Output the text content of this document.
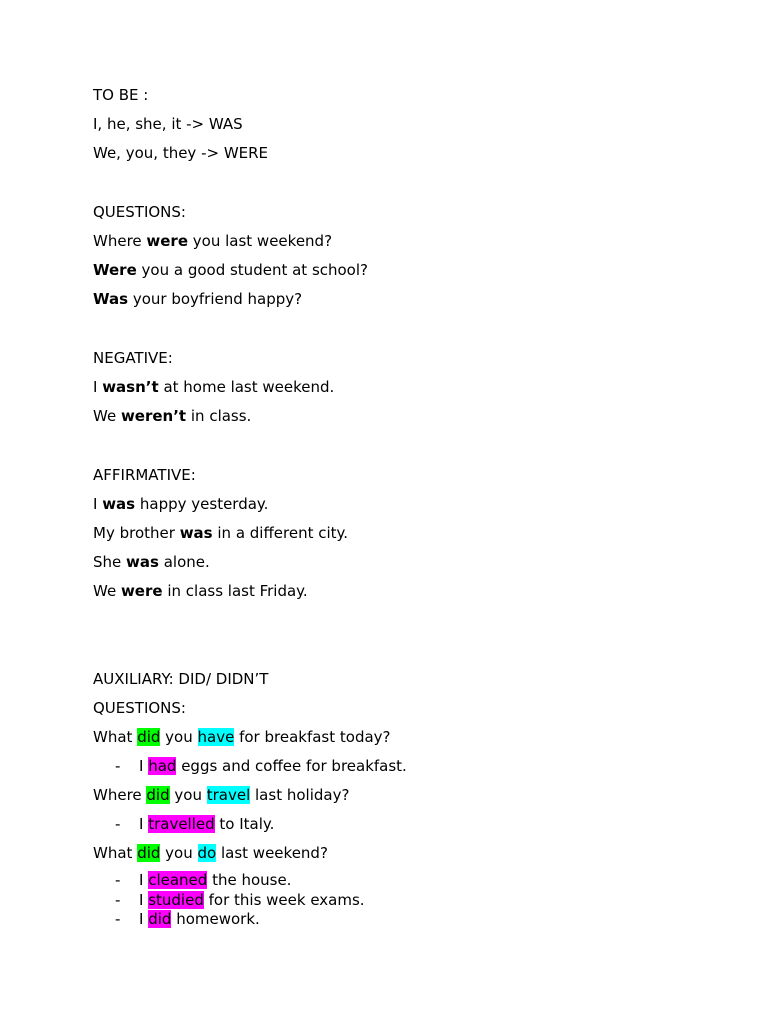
TO BE :
I, he, she, it -> WAS
We, you, they -> WERE
QUESTIONS:
Where were you last weekend?
Were you a good student at school?
Was your boyfriend happy?
NEGATIVE:
I wasn’t at home last weekend.
We weren’t in class.
AFFIRMATIVE:
I was happy yesterday.
My brother was in a different city.
She was alone.
We were in class last Friday.
AUXILIARY: DID/ DIDN’T
QUESTIONS:
What did you have for breakfast today?
- I had eggs and coffee for breakfast.
Where did you travel last holiday?
- I travelled to Italy.
What did you do last weekend?
- I cleaned the house.
- I studied for this week exams.
- I did homework.
